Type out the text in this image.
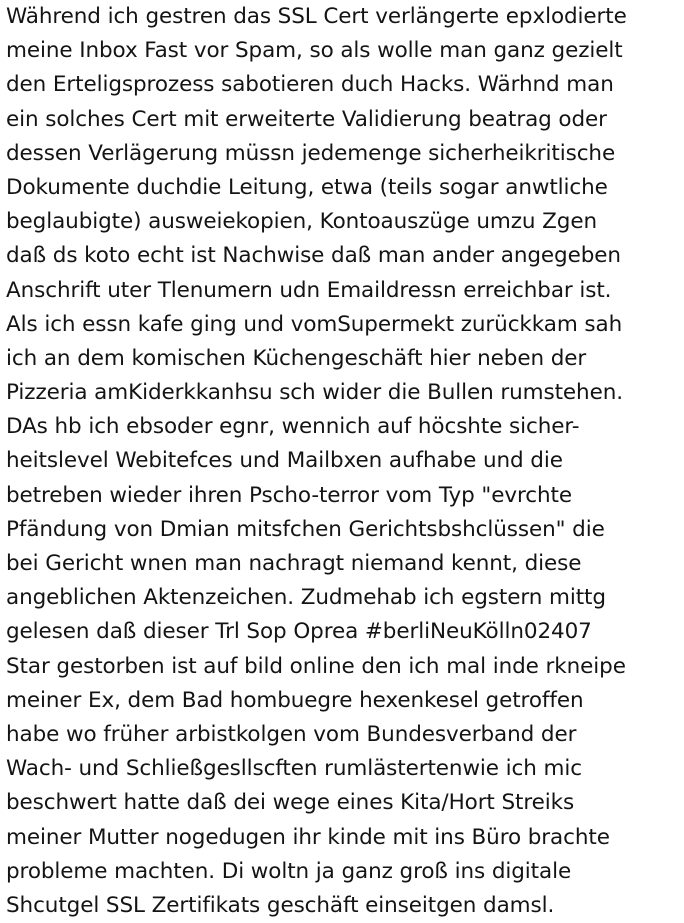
Während ich gestren das SSL Cert verlängerte epxlodierte
meine Inbox Fast vor Spam, so als wolle man ganz gezielt
den Erteligsprozess sabotieren duch Hacks. Wärhnd man
ein solches Cert mit erweiterte Validierung beatrag oder
dessen Verlägerung müssn jedemenge sicherheikritische
Dokumente duchdie Leitung, etwa (teils sogar anwtliche
beglaubigte) ausweiekopien, Kontoauszüge umzu Zgen
daß ds koto echt ist Nachwise daß man ander angegeben
Anschrift uter Tlenumern udn Emaildressn erreichbar ist.
Als ich essn kafe ging und vomSupermekt zurückkam sah
ich an dem komischen Küchengeschäft hier neben der
Pizzeria amKiderkkanhsu sch wider die Bullen rumstehen.
DAs hb ich ebsoder egnr, wennich auf höcshte sicher-
heitslevel Webitefces und Mailbxen aufhabe und die
betreben wieder ihren Pscho-terror vom Typ "evrchte
Pfändung von Dmian mitsfchen Gerichtsbshclüssen" die
bei Gericht wnen man nachragt niemand kennt, diese
angeblichen Aktenzeichen. Zudmehab ich egstern mittg
gelesen daß dieser Trl Sop Oprea #berliNeuKölln02407
Star gestorben ist auf bild online den ich mal inde rkneipe
meiner Ex, dem Bad hombuegre hexenkesel getroffen
habe wo früher arbistkolgen vom Bundesverband der
Wach- und Schließgesllscften rumlästertenwie ich mic
beschwert hatte daß dei wege eines Kita/Hort Streiks
meiner Mutter nogedugen ihr kinde mit ins Büro brachte
probleme machten. Di woltn ja ganz groß ins digitale
Shcutgel SSL Zertifikats geschäft einseitgen damsl.
